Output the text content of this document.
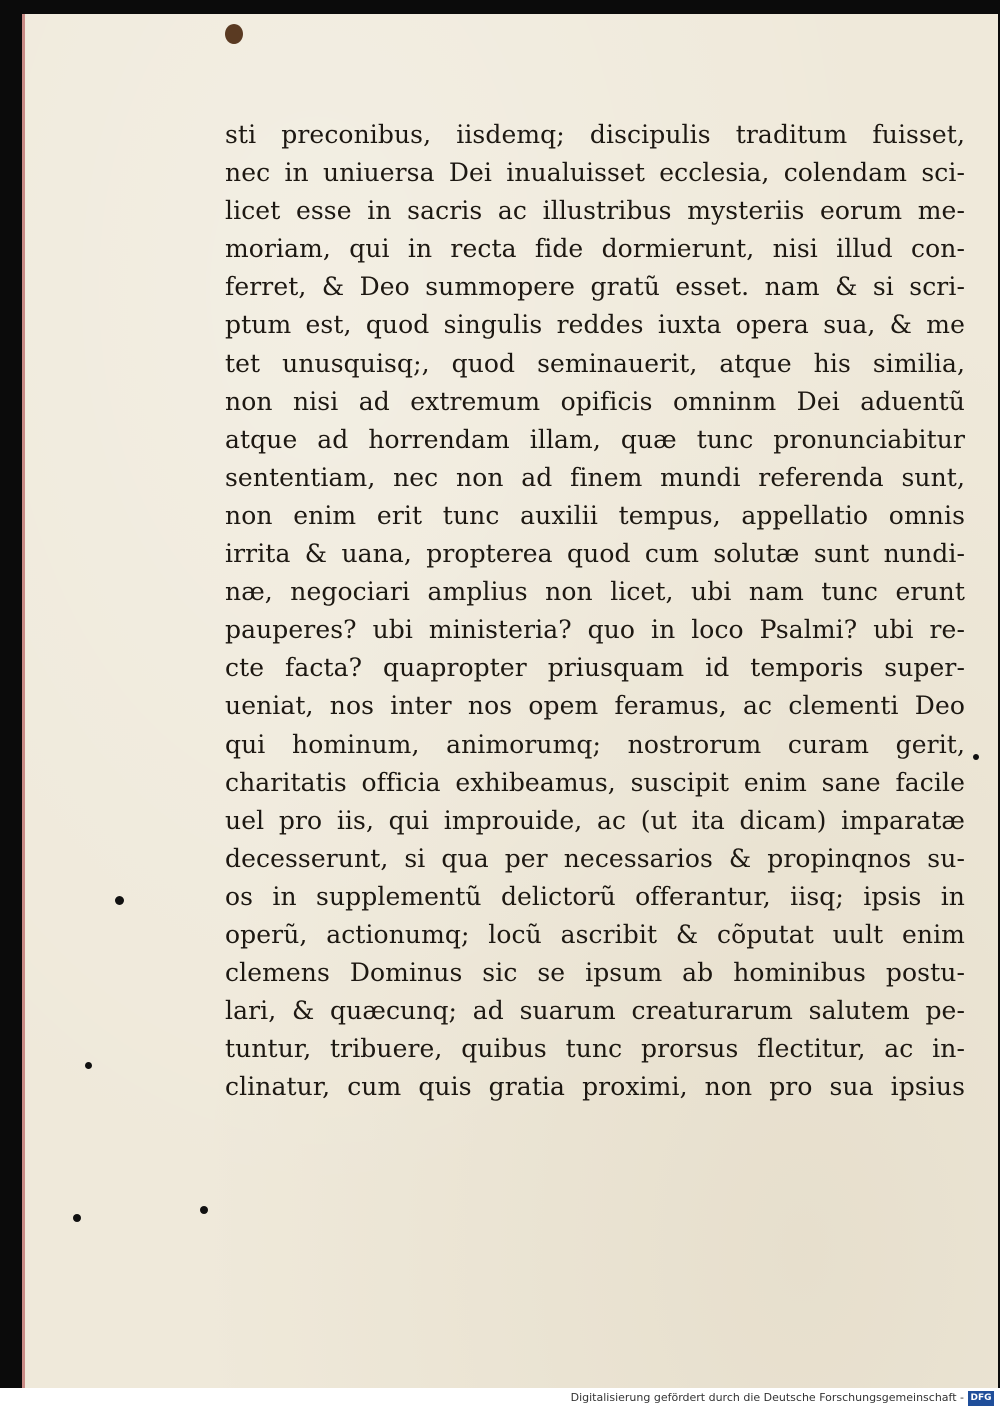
sti preconibus, iisdemq; discipulis traditum fuisset,
nec in uniuersa Dei inualuisset ecclesia, colendam sci-
licet esse in sacris ac illustribus mysteriis eorum me-
moriam, qui in recta fide dormierunt, nisi illud con-
ferret, & Deo summopere gratũ esset. nam & si scri-
ptum est, quod singulis reddes iuxta opera sua, & me
tet unusquisq;, quod seminauerit, atque his similia,
non nisi ad extremum opificis omninm Dei aduentũ
atque ad horrendam illam, quæ tunc pronunciabitur
sententiam, nec non ad finem mundi referenda sunt,
non enim erit tunc auxilii tempus, appellatio omnis
irrita & uana, propterea quod cum solutæ sunt nundi-
næ, negociari amplius non licet, ubi nam tunc erunt
pauperes? ubi ministeria? quo in loco Psalmi? ubi re-
cte facta? quapropter priusquam id temporis super-
ueniat, nos inter nos opem feramus, ac clementi Deo
qui hominum, animorumq; nostrorum curam gerit,
charitatis officia exhibeamus, suscipit enim sane facile
uel pro iis, qui improuide, ac (ut ita dicam) imparatæ
decesserunt, si qua per necessarios & propinqnos su-
os in supplementũ delictorũ offerantur, iisq; ipsis in
operũ, actionumq; locũ ascribit & cõputat uult enim
clemens Dominus sic se ipsum ab hominibus postu-
lari, & quæcunq; ad suarum creaturarum salutem pe-
tuntur, tribuere, quibus tunc prorsus flectitur, ac in-
clinatur, cum quis gratia proximi, non pro sua ipsius
Digitalisierung gefördert durch die Deutsche Forschungsgemeinschaft - DFG
